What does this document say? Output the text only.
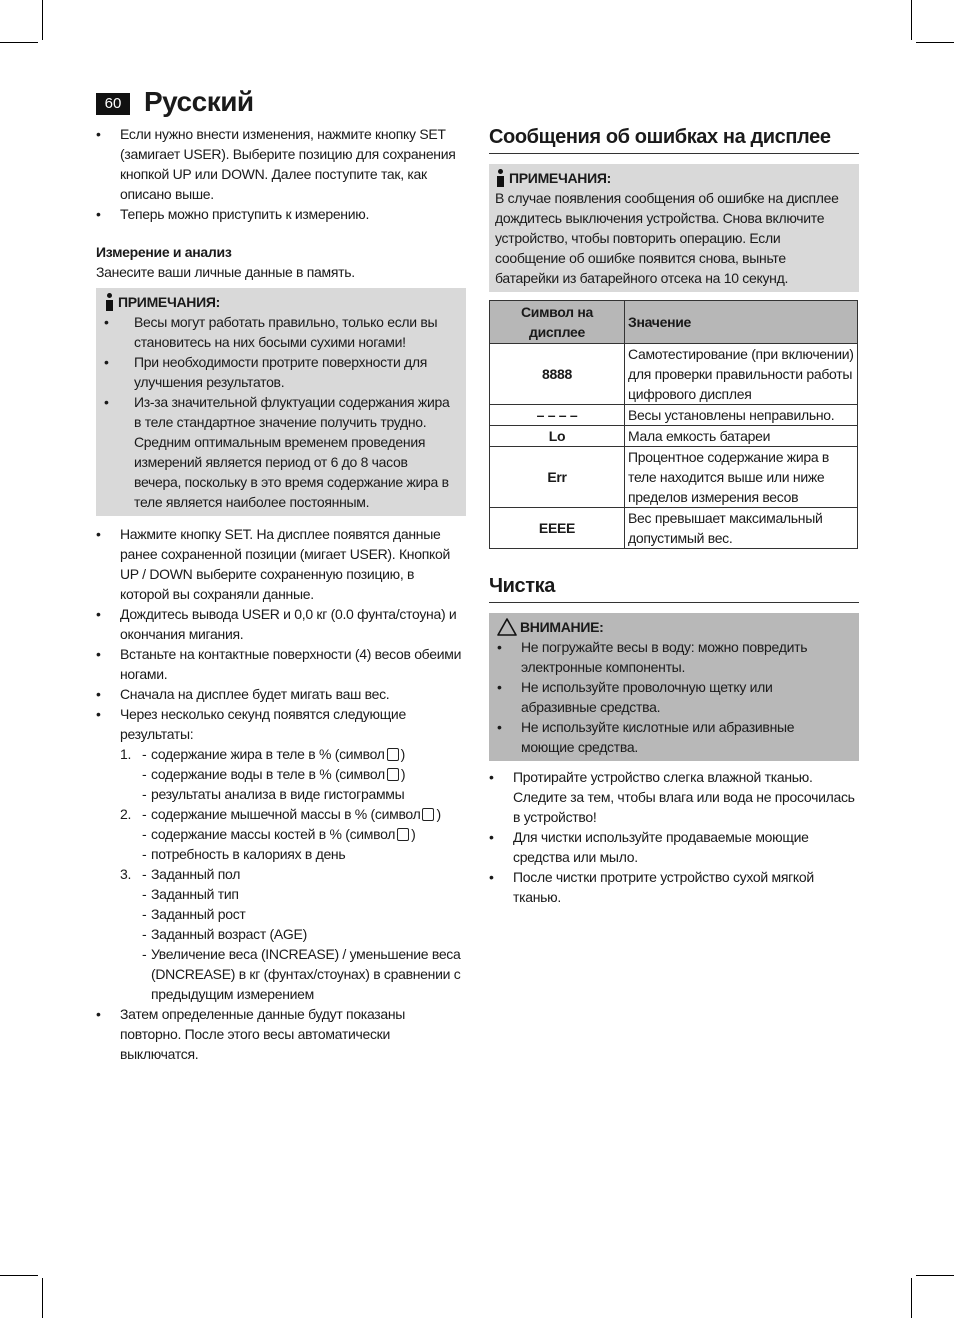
60 Русский
• Если нужно внести изменения, нажмите кнопку SET (замигает USER). Выберите позицию для сохранения кнопкой UP или DOWN. Далее поступите так, как описано выше.
• Теперь можно приступить к измерению.
Измерение и анализ
Занесите ваши личные данные в память.
ПРИМЕЧАНИЯ:
• Весы могут работать правильно, только если вы становитесь на них босыми сухими ногами!
• При необходимости протрите поверхности для улучшения результатов.
• Из-за значительной флуктуации содержания жира в теле стандартное значение получить трудно. Средним оптимальным временем проведения измерений является период от 6 до 8 часов вечера, поскольку в это время содержание жира в теле является наиболее постоянным.
• Нажмите кнопку SET. На дисплее появятся данные ранее сохраненной позиции (мигает USER). Кнопкой UP / DOWN выберите сохраненную позицию, в которой вы сохраняли данные.
• Дождитесь вывода USER и 0,0 кг (0.0 фунта/стоуна) и окончания мигания.
• Встаньте на контактные поверхности (4) весов обеими ногами.
• Сначала на дисплее будет мигать ваш вес.
• Через несколько секунд появятся следующие результаты:
1.	- содержание жира в теле в % (символ )
- содержание воды в теле в % (символ )
- результаты анализа в виде гистограммы
2.	- содержание мышечной массы в % (символ )
- содержание массы костей в % (символ )
- потребность в калориях в день
3.	- Заданный пол
- Заданный тип
- Заданный рост
- Заданный возраст (AGE)
- Увеличение веса (INCREASE) / уменьшение веса (DNCREASE) в кг (фунтах/стоунах) в сравнении с предыдущим измерением
• Затем определенные данные будут показаны повторно. После этого весы автоматически выключатся.
Сообщения об ошибках на дисплее
ПРИМЕЧАНИЯ:
В случае появления сообщения об ошибке на дисплее дождитесь выключения устройства. Снова включите устройство, чтобы повторить операцию. Если сообщение об ошибке появится снова, выньте батарейки из батарейного отсека на 10 секунд.
Символ на дисплее	Значение
8888	Самотестирование (при включении) для проверки правильности работы цифрового дисплея
– – – –	Весы установлены неправильно.
Lo	Мала емкость батареи
Err	Процентное содержание жира в теле находится выше или ниже пределов измерения весов
EEEE	Вес превышает максимальный допустимый вес.
Чистка
ВНИМАНИЕ:
• Не погружайте весы в воду: можно повредить электронные компоненты.
• Не используйте проволочную щетку или абразивные средства.
• Не используйте кислотные или абразивные моющие средства.
• Протирайте устройство слегка влажной тканью. Следите за тем, чтобы влага или вода не просочилась в устройство!
• Для чистки используйте продаваемые моющие средства или мыло.
• После чистки протрите устройство сухой мягкой тканью.
